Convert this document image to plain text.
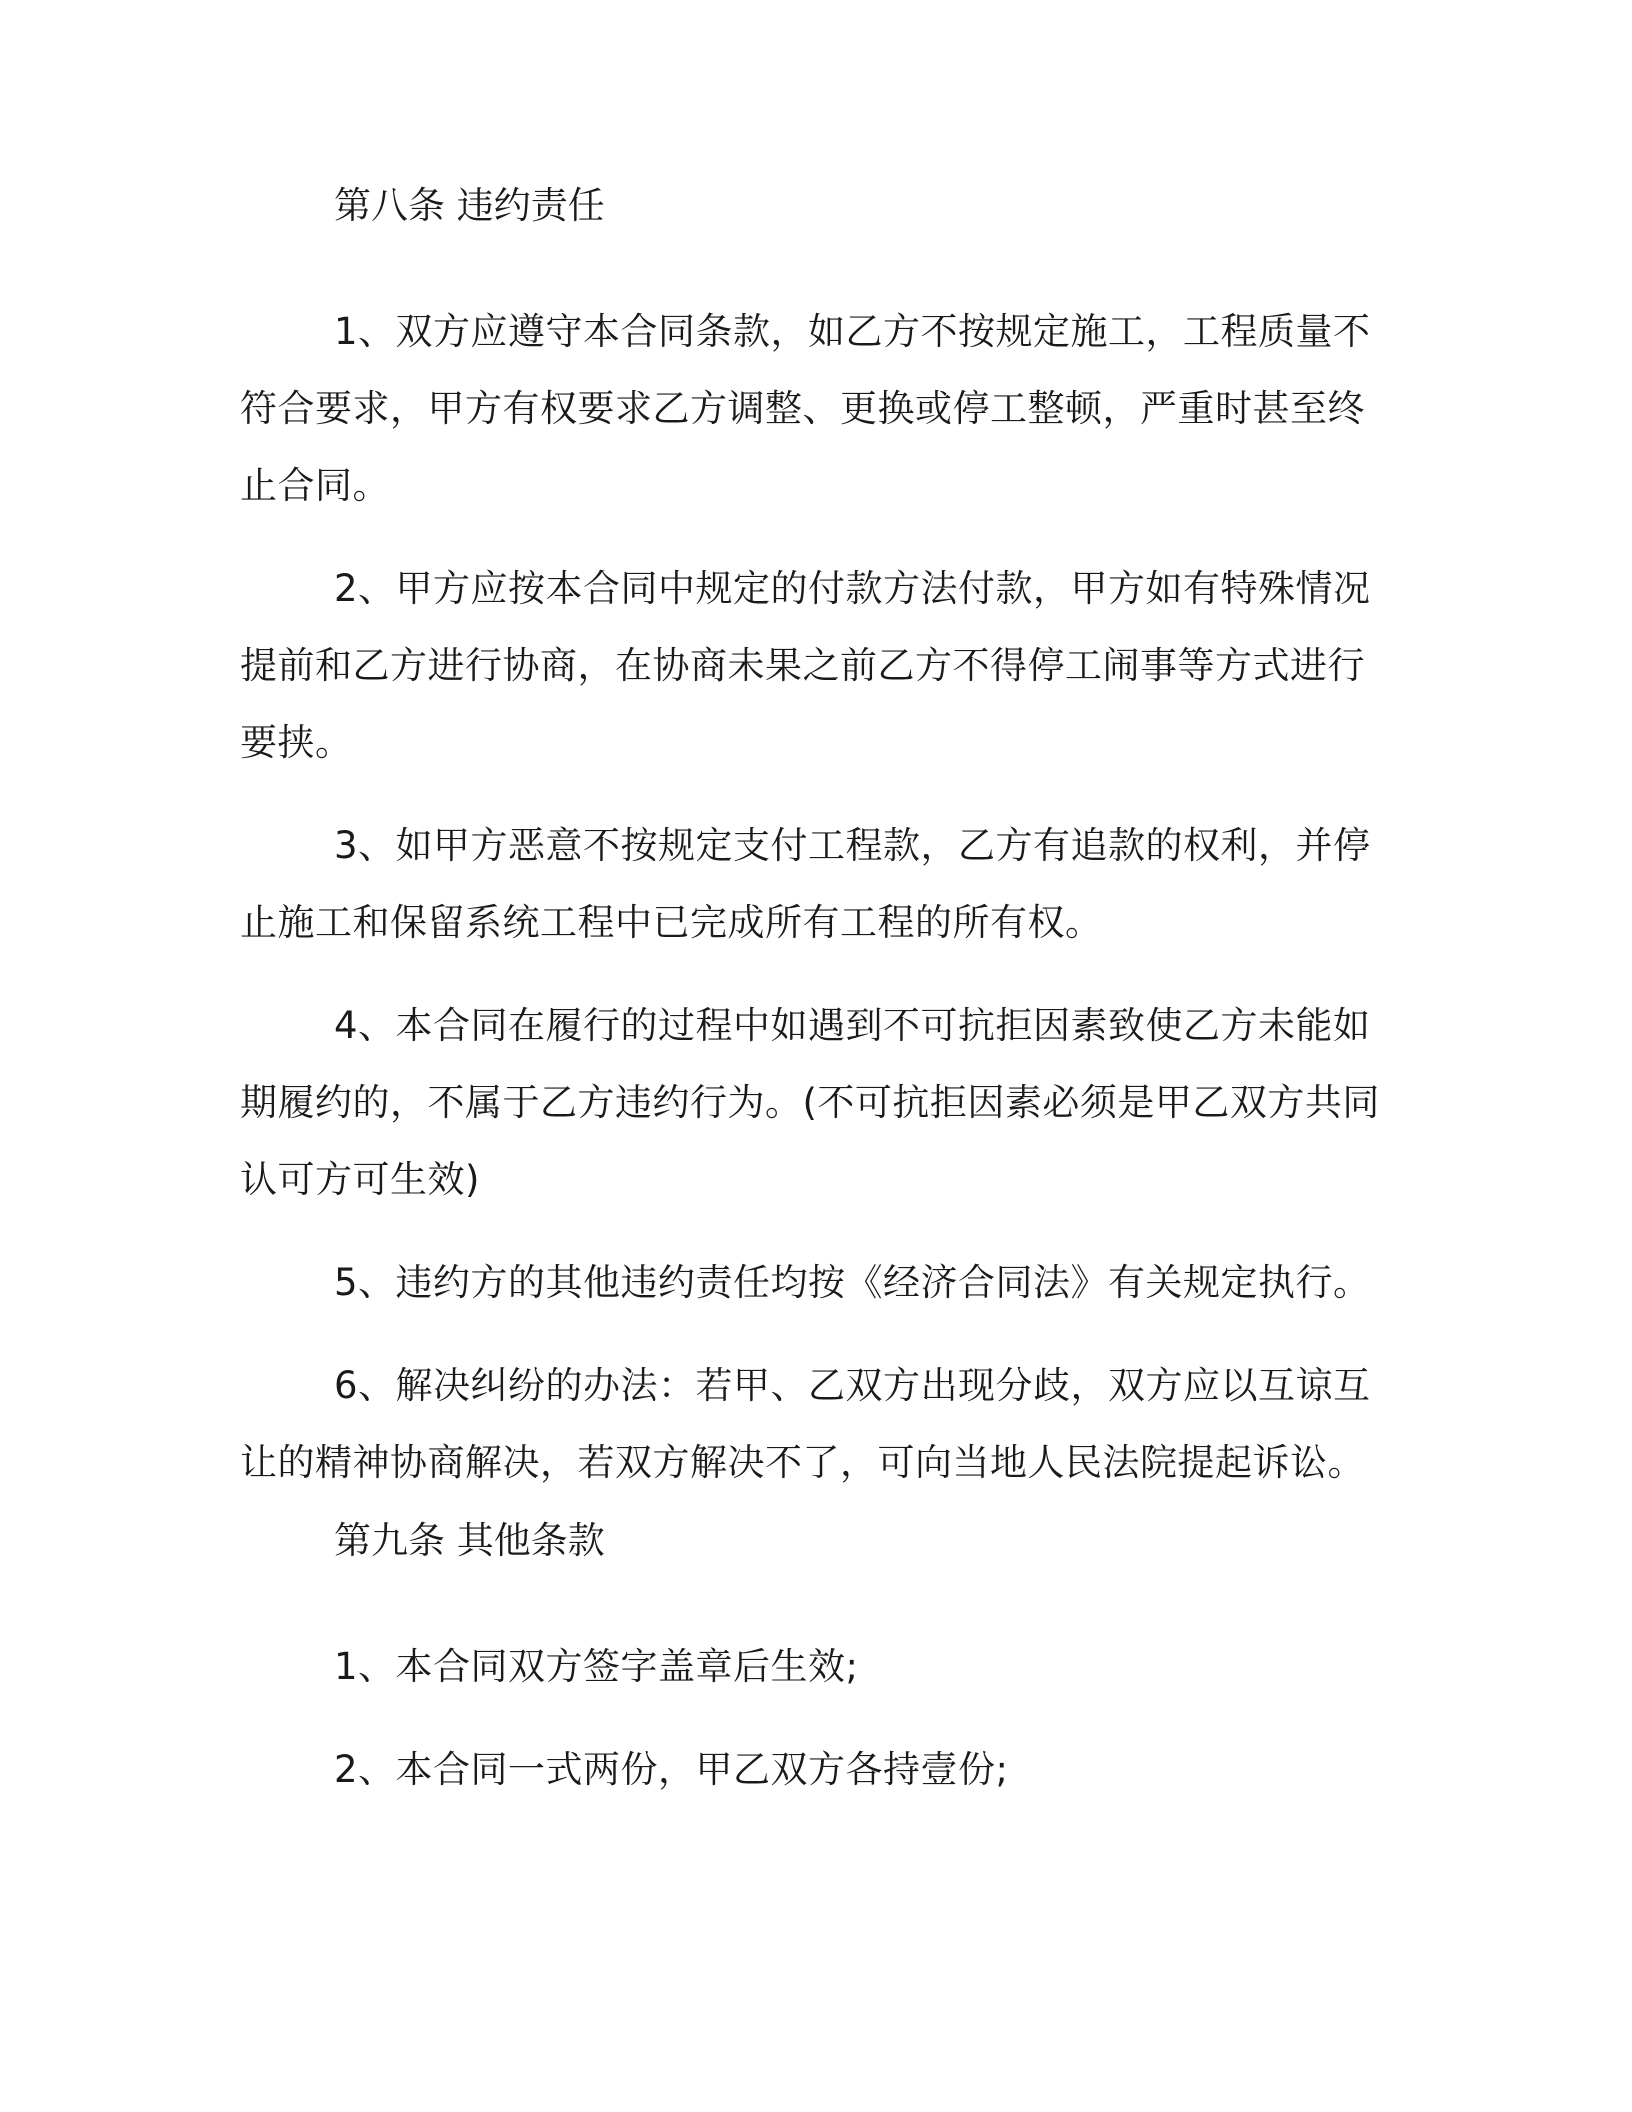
第八条 违约责任

1、双方应遵守本合同条款，如乙方不按规定施工，工程质量不符合要求，甲方有权要求乙方调整、更换或停工整顿，严重时甚至终止合同。

2、甲方应按本合同中规定的付款方法付款，甲方如有特殊情况提前和乙方进行协商，在协商未果之前乙方不得停工闹事等方式进行要挟。

3、如甲方恶意不按规定支付工程款，乙方有追款的权利，并停止施工和保留系统工程中已完成所有工程的所有权。

4、本合同在履行的过程中如遇到不可抗拒因素致使乙方未能如期履约的，不属于乙方违约行为。(不可抗拒因素必须是甲乙双方共同认可方可生效)

5、违约方的其他违约责任均按《经济合同法》有关规定执行。

6、解决纠纷的办法：若甲、乙双方出现分歧，双方应以互谅互让的精神协商解决，若双方解决不了，可向当地人民法院提起诉讼。

第九条 其他条款

1、本合同双方签字盖章后生效;

2、本合同一式两份，甲乙双方各持壹份;
